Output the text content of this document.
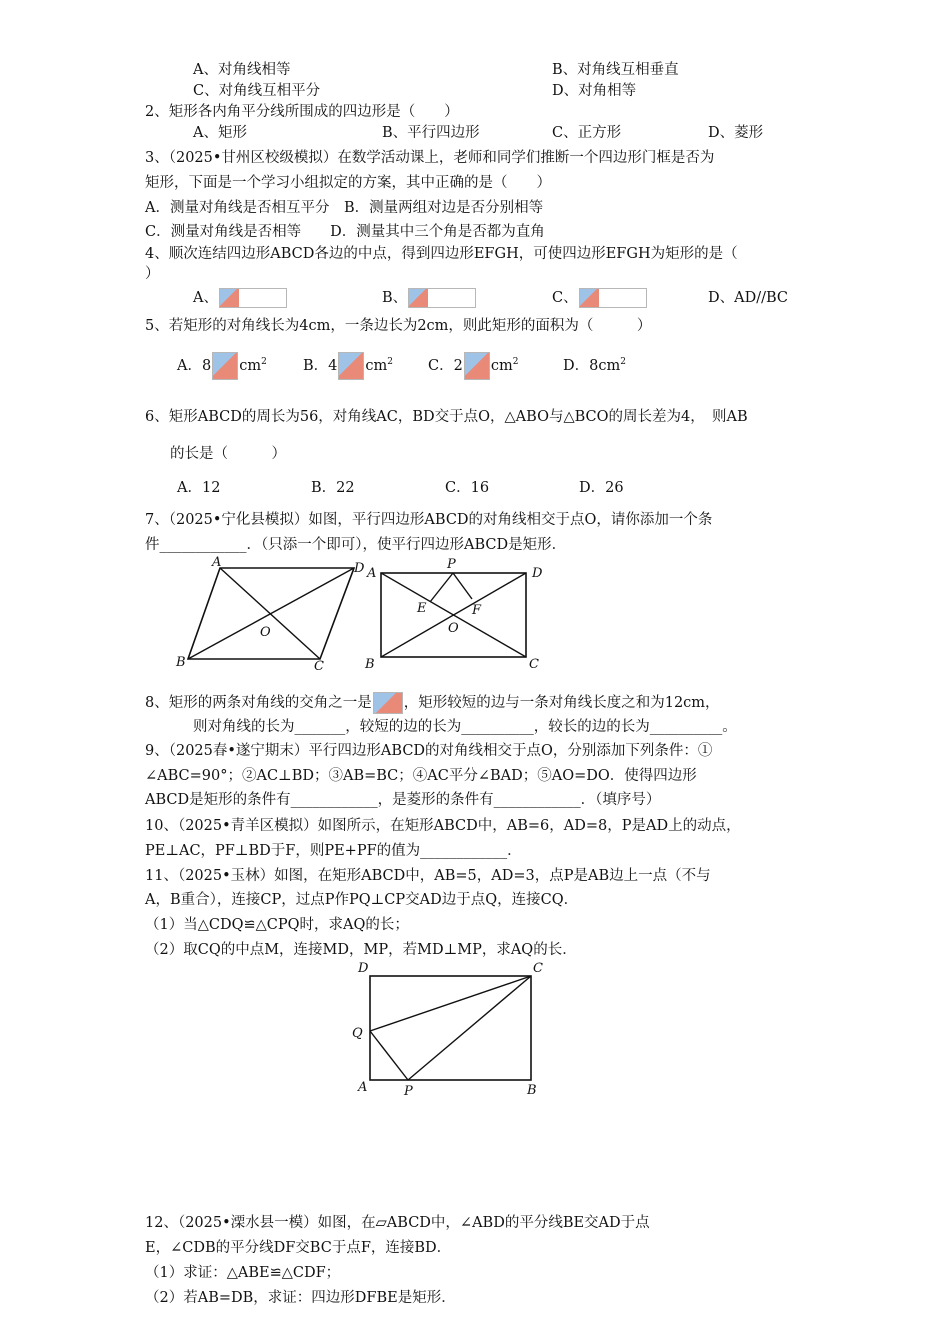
A、对角线相等	B、对角线互相垂直
C、对角线互相平分	D、对角相等
2、矩形各内角平分线所围成的四边形是（　　）
A、矩形	B、平行四边形	C、正方形	D、菱形
3、（2025•甘州区校级模拟）在数学活动课上，老师和同学们推断一个四边形门框是否为
矩形，下面是一个学习小组拟定的方案，其中正确的是（　　）
A．测量对角线是否相互平分　B．测量两组对边是否分别相等
C．测量对角线是否相等　　D．测量其中三个角是否都为直角
4、顺次连结四边形ABCD各边的中点，得到四边形EFGH，可使四边形EFGH为矩形的是（
）
A、	B、	C、	D、AD//BC
5、若矩形的对角线长为4cm，一条边长为2cm，则此矩形的面积为（　　　）
A．8 $cm^2$ B．4 $cm^2$ C．2 $cm^2$	D．$8cm^2$
6、矩形ABCD的周长为56，对角线AC，BD交于点O，△ABO与△BCO的周长差为4，　则AB
的长是（　　　）
A．12	B．22	C．16	D．26
7、（2025•宁化县模拟）如图，平行四边形ABCD的对角线相交于点O，请你添加一个条
件____________．（只添一个即可），使平行四边形ABCD是矩形．
A	D
B	C
O
A	D
B	C
P
E	F
O
8、矩形的两条对角线的交角之一是 ，矩形较短的边与一条对角线长度之和为12cm，
则对角线的长为_______，较短的边的长为__________，较长的边的长为__________。
9、（2025春•遂宁期末）平行四边形ABCD的对角线相交于点O，分别添加下列条件：①
∠ABC=90°；②AC⊥BD；③AB=BC；④AC平分∠BAD；⑤AO=DO．使得四边形
ABCD是矩形的条件有____________，是菱形的条件有____________．（填序号）
10、（2025•青羊区模拟）如图所示，在矩形ABCD中，AB=6，AD=8，P是AD上的动点，
PE⊥AC，PF⊥BD于F，则PE+PF的值为____________．
11、（2025•玉林）如图，在矩形ABCD中，AB=5，AD=3，点P是AB边上一点（不与
A，B重合），连接CP，过点P作PQ⊥CP交AD边于点Q，连接CQ．
（1）当△CDQ≌△CPQ时，求AQ的长；
（2）取CQ的中点M，连接MD，MP，若MD⊥MP，求AQ的长．
D	C
Q
A	P	B
12、（2025•溧水县一模）如图，在▱ABCD中，∠ABD的平分线BE交AD于点
E，∠CDB的平分线DF交BC于点F，连接BD．
（1）求证：△ABE≌△CDF；
（2）若AB=DB，求证：四边形DFBE是矩形．
